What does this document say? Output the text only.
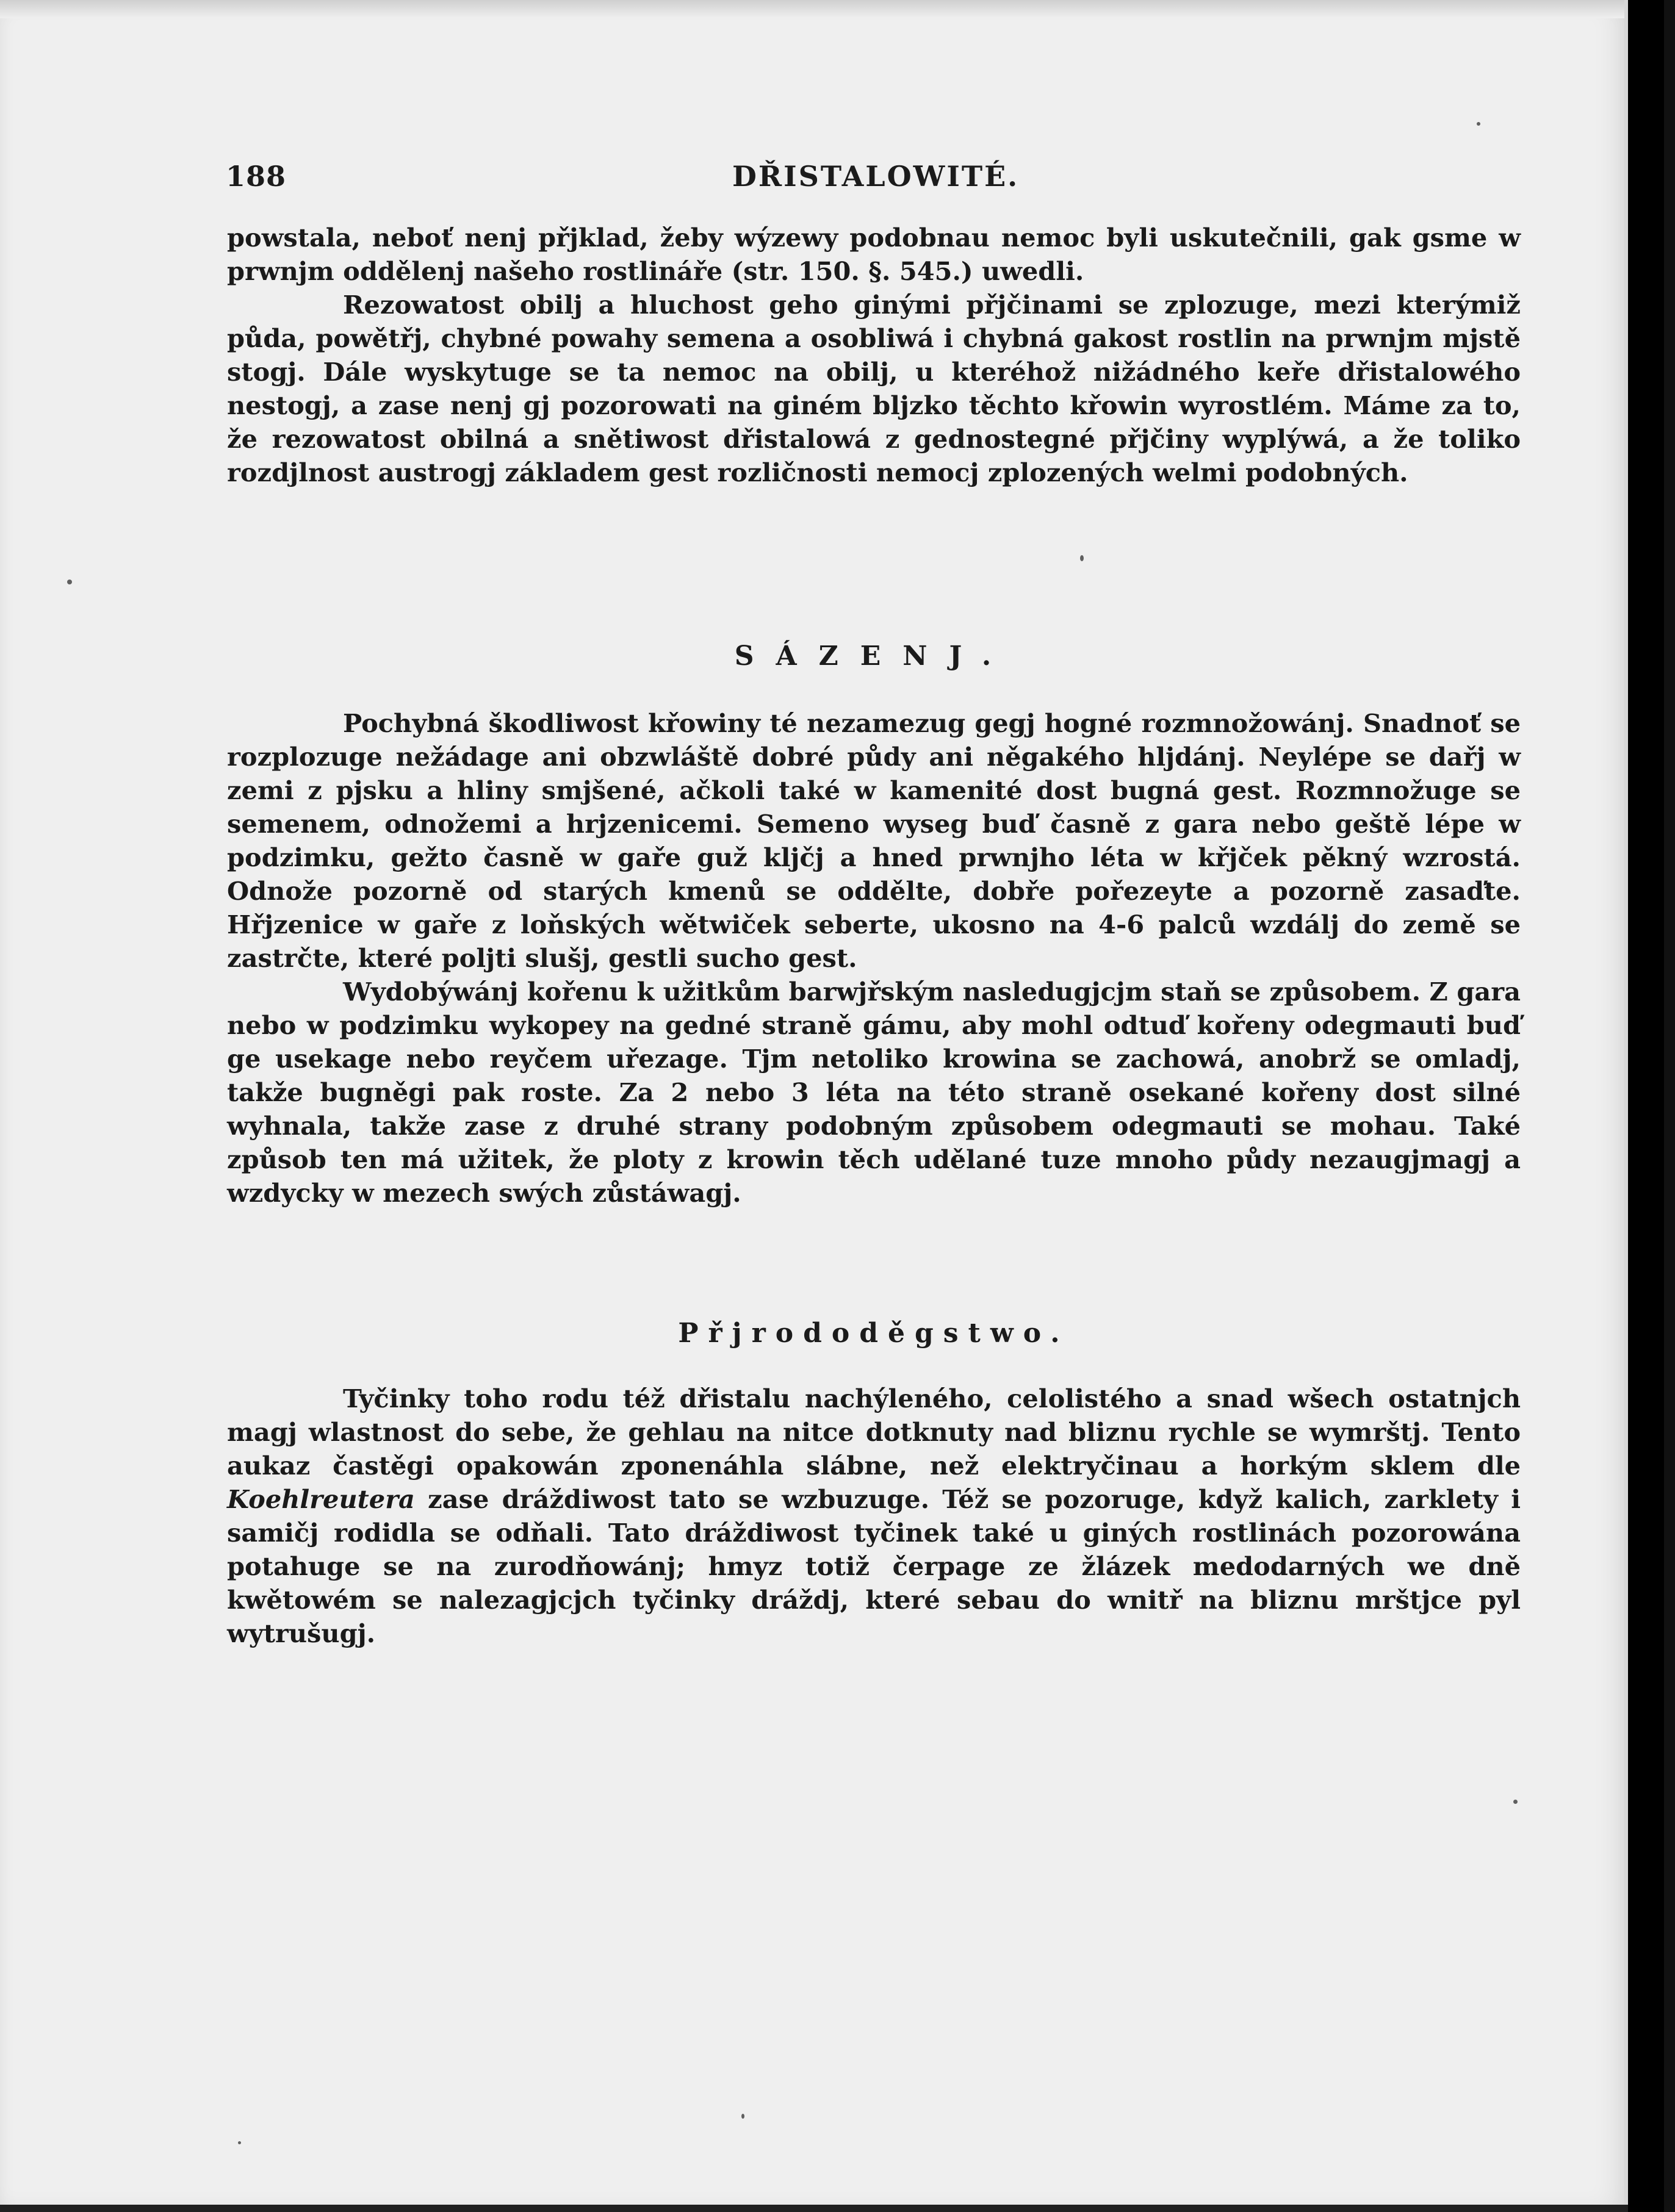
188	DŘISTALOWITÉ.

powstala, neboť nenj přjklad, žeby wýzewy podobnau nemoc byli uskutečnili, gak gsme w prwnjm oddělenj našeho rostlináře (str. 150. §. 545.) uwedli.

Rezowatost obilj a hluchost geho ginými přjčinami se zplozuge, mezi kterýmiž půda, powětřj, chybné powahy semena a osobliwá i chybná gakost rostlin na prwnjm mjstě stogj. Dále wyskytuge se ta nemoc na obilj, u kteréhož nižádného keře dřistalowého nestogj, a zase nenj gj pozorowati na giném bljzko těchto křowin wyrostlém. Máme za to, že rezowatost obilná a snětiwost dřistalowá z gednostegné přjčiny wyplýwá, a že toliko rozdjlnost austrogj základem gest rozličnosti nemocj zplozených welmi podobných.

SÁZENJ.

Pochybná škodliwost křowiny té nezamezug gegj hogné rozmnožowánj. Snadnoť se rozplozuge nežádage ani obzwláště dobré půdy ani něgakého hljdánj. Neylépe se dařj w zemi z pjsku a hliny smjšené, ačkoli také w kamenité dost bugná gest. Rozmnožuge se semenem, odnožemi a hrjzenicemi. Semeno wyseg buď časně z gara nebo geště lépe w podzimku, gežto časně w gaře guž kljčj a hned prwnjho léta w křjček pěkný wzrostá. Odnože pozorně od starých kmenů se oddělte, dobře pořezeyte a pozorně zasaďte. Hřjzenice w gaře z loňských wětwiček seberte, ukosno na 4-6 palců wzdálj do země se zastrčte, které poljti slušj, gestli sucho gest.

Wydobýwánj kořenu k užitkům barwjřským nasledugjcjm staň se způsobem. Z gara nebo w podzimku wykopey na gedné straně gámu, aby mohl odtuď kořeny odegmauti buď ge usekage nebo reyčem uřezage. Tjm netoliko krowina se zachowá, anobrž se omladj, takže bugněgi pak roste. Za 2 nebo 3 léta na této straně osekané kořeny dost silné wyhnala, takže zase z druhé strany podobným způsobem odegmauti se mohau. Také způsob ten má užitek, že ploty z krowin těch udělané tuze mnoho půdy nezaugjmagj a wzdycky w mezech swých zůstáwagj.

Přjrododěgstwo.

Tyčinky toho rodu též dřistalu nachýleného, celolistého a snad wšech ostatnjch magj wlastnost do sebe, že gehlau na nitce dotknuty nad bliznu rychle se wymrštj. Tento aukaz častěgi opakowán zponenáhla slábne, než elektryčinau a horkým sklem dle Koehlreutera zase dráždiwost tato se wzbuzuge. Též se pozoruge, když kalich, zarklety i samičj rodidla se odňali. Tato dráždiwost tyčinek také u giných rostlinách pozorowána potahuge se na zurodňowánj; hmyz totiž čerpage ze žlázek medodarných we dně kwětowém se nalezagjcjch tyčinky dráždj, které sebau do wnitř na bliznu mrštjce pyl wytrušugj.
